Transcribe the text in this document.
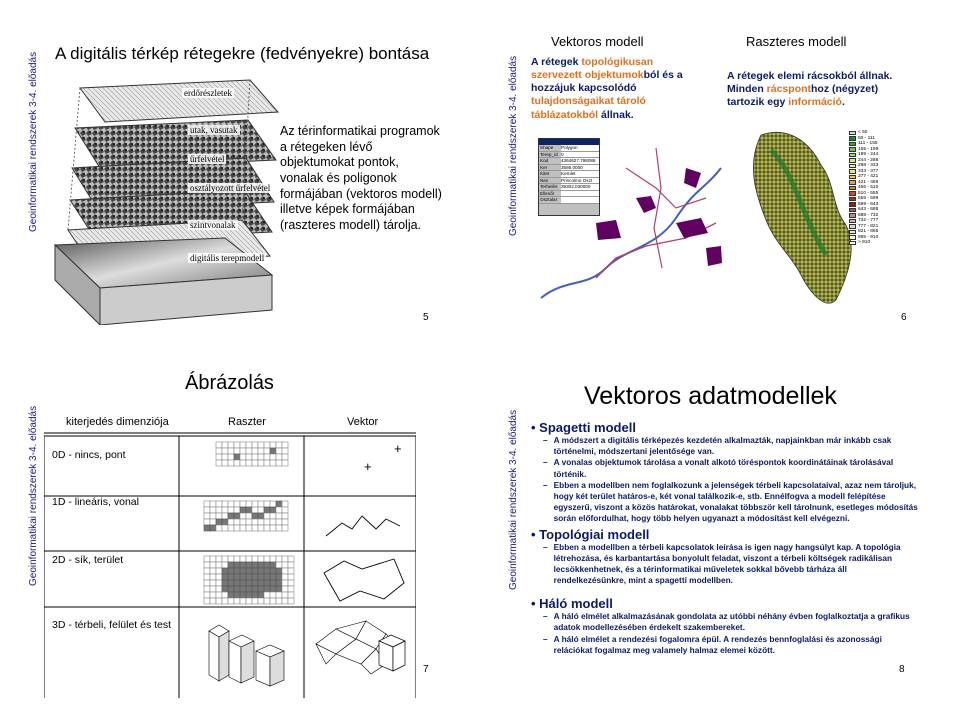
Geoinformatikai rendszerek 3-4. előadás A digitális térkép rétegekre (fedvényekre) bontása
erdőrészletek
utak, vasutak
űrfelvétel
osztályozott űrfelvétel
szintvonalak
digitális terepmodell
Az térinformatikai programok a rétegeken lévő objektumokat pontok, vonalak és poligonok formájában (vektoros modell) illetve képek formájában (raszteres modell) tárolja.
5
Geoinformatikai rendszerek 3-4. előadás
Vektoros modell
A rétegek topológikusan szervezett objektumokból és a hozzájuk kapcsolódó tulajdonságaikat tároló táblázatokból állnak.
Shape	Polygon
Terep_id 0
Kod	4364627.798086
Ker	3586.0000
Kiter	Kerület
Nev	Princolmo Oszt
Terhelés 39302.030000
Ellenőr
Osztalar
Raszteres modell
A rétegek elemi rácsokból állnak. Minden rácsponthoz (négyzet) tartozik egy információ.
< 50
50 - 111
111 - 155
155 - 199
199 - 244
244 - 288
288 - 333
333 - 377
377 - 421
421 - 466
466 - 510
510 - 555
555 - 599
599 - 643
643 - 688
688 - 732
732 - 777
777 - 821
821 - 865
865 - 910
> 910
6
Geoinformatikai rendszerek 3-4. előadás
Ábrázolás
+
+
kiterjedés dimenziója	Raszter	Vektor
0D - nincs, pont
1D - lineáris, vonal
2D - sík, terület
3D - térbeli, felület és test
7
Geoinformatikai rendszerek 3-4. előadás
Vektoros adatmodellek
• Spagetti modell
– A módszert a digitális térképezés kezdetén alkalmazták, napjainkban már inkább csak történelmi, módszertani jelentősége van.
– A vonalas objektumok tárolása a vonalt alkotó töréspontok koordinátáinak tárolásával történik.
– Ebben a modellben nem foglalkozunk a jelenségek térbeli kapcsolataival, azaz nem tároljuk, hogy két terület határos-e, két vonal találkozik-e, stb. Ennélfogva a modell felépítése egyszerű, viszont a közös határokat, vonalakat többször kell tárolnunk, esetleges módosítás során előfordulhat, hogy több helyen ugyanazt a módosítást kell elvégezni.
• Topológiai modell
– Ebben a modellben a térbeli kapcsolatok leírása is igen nagy hangsúlyt kap. A topológia létrehozása, és karbantartása bonyolult feladat, viszont a térbeli költségek radikálisan lecsökkenhetnek, és a térinformatikai műveletek sokkal bővebb tárháza áll rendelkezésünkre, mint a spagetti modellben.
• Háló modell
– A háló elmélet alkalmazásának gondolata az utóbbi néhány évben foglalkoztatja a grafikus adatok modellezésében érdekelt szakembereket.
– A háló elmélet a rendezési fogalomra épül. A rendezés bennfoglalási és azonossági relációkat fogalmaz meg valamely halmaz elemei között.
8
